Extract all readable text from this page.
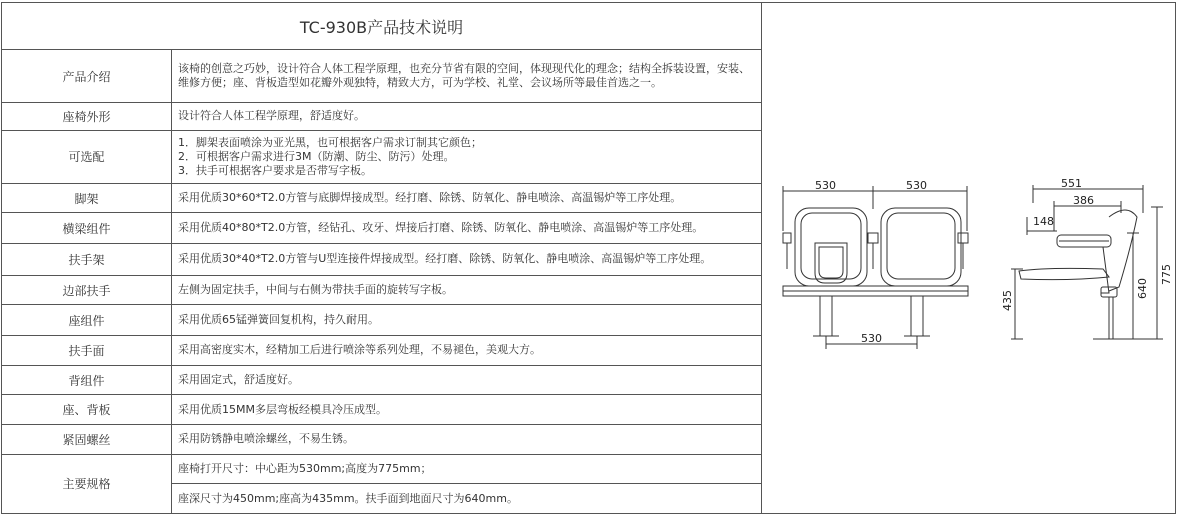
TC-930B产品技术说明	
产品介绍	该椅的创意之巧妙，设计符合人体工程学原理，也充分节省有限的空间，体现现代化的理念；结构全拆装设置，安装、维修方便；座、背板造型如花瓣外观独特，精致大方，可为学校、礼堂、会议场所等最佳首选之一。

座椅外形	设计符合人体工程学原理，舒适度好。

可选配	1．脚架表面喷涂为亚光黑，也可根据客户需求订制其它颜色；
2．可根据客户需求进行3M（防潮、防尘、防污）处理。
3．扶手可根据客户要求是否带写字板。

脚架	采用优质30*60*T2.0方管与底脚焊接成型。经打磨、除锈、防氧化、静电喷涂、高温锡炉等工序处理。

横梁组件	采用优质40*80*T2.0方管，经钻孔、攻牙、焊接后打磨、除锈、防氧化、静电喷涂、高温锡炉等工序处理。

扶手架	采用优质30*40*T2.0方管与U型连接件焊接成型。经打磨、除锈、防氧化、静电喷涂、高温锡炉等工序处理。

边部扶手	左侧为固定扶手，中间与右侧为带扶手面的旋转写字板。

座组件	采用优质65锰弹簧回复机构，持久耐用。

扶手面	采用高密度实木，经精加工后进行喷涂等系列处理，不易褪色，美观大方。

背组件	采用固定式，舒适度好。

座、背板	采用优质15MM多层弯板经模具冷压成型。

紧固螺丝	采用防锈静电喷涂螺丝，不易生锈。

主要规格	座椅打开尺寸：中心距为530mm;高度为775mm；
	座深尺寸为450mm;座高为435mm。扶手面到地面尺寸为640mm。
530	530
530
551
386
148
435
640
775
